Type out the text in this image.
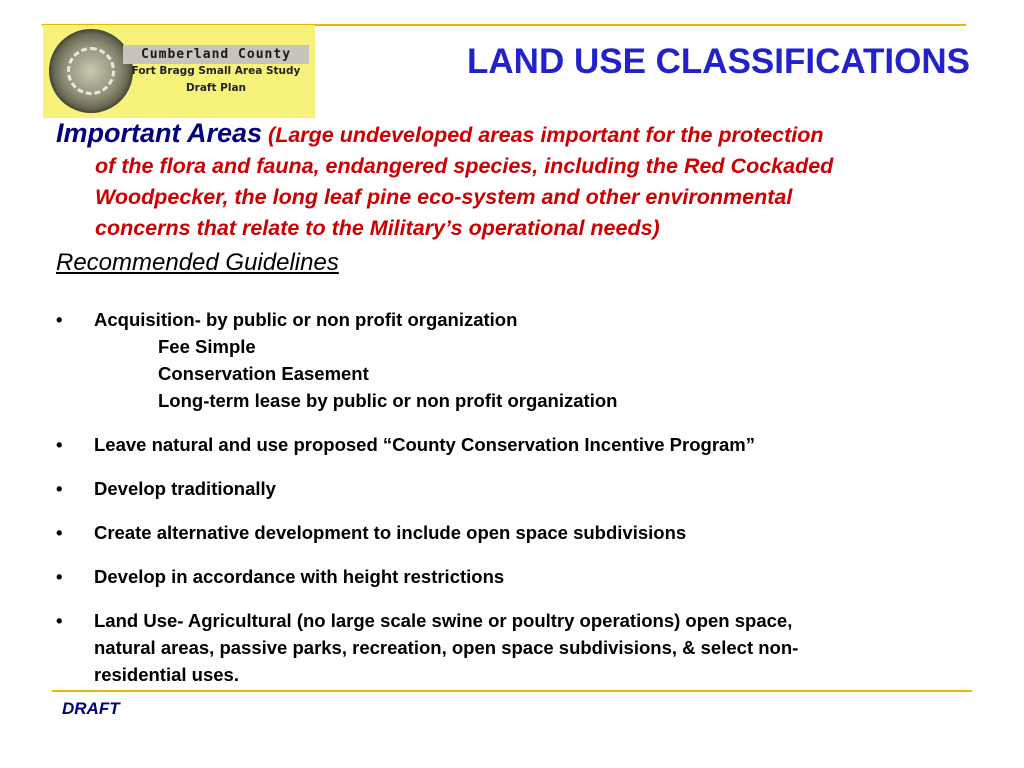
Cumberland County
Fort Bragg Small Area Study
Draft Plan
LAND USE CLASSIFICATIONS
Important Areas (Large undeveloped areas important for the protection
of the flora and fauna, endangered species, including the Red Cockaded
Woodpecker, the long leaf pine eco-system and other environmental
concerns that relate to the Military’s operational needs)
Recommended Guidelines
• Acquisition- by public or non profit organization
Fee Simple
Conservation Easement
Long-term lease by public or non profit organization
• Leave natural and use proposed “County Conservation Incentive Program”
• Develop traditionally
• Create alternative development to include open space subdivisions
• Develop in accordance with height restrictions
• Land Use- Agricultural (no large scale swine or poultry operations) open space,
natural areas, passive parks, recreation, open space subdivisions, & select non-
residential uses.
DRAFT
